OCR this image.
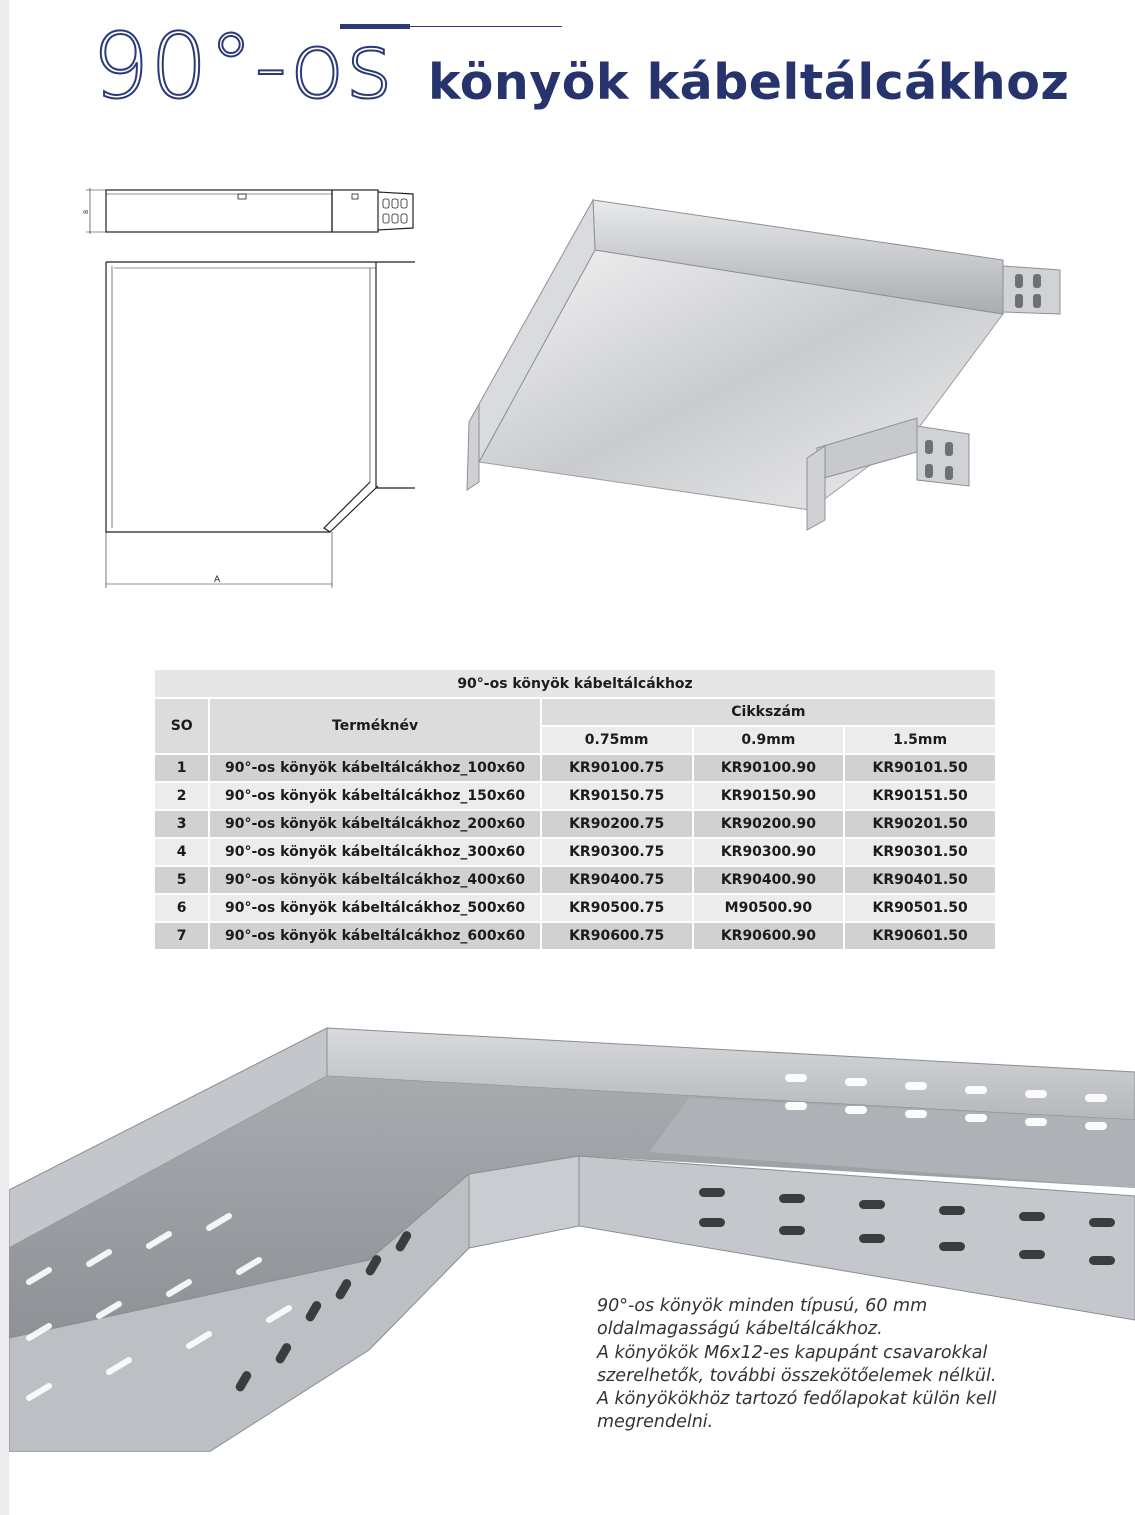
90°-os könyök kábeltálcákhoz
A
B
90°-os könyök kábeltálcákhoz				
SO	Terméknév	Cikkszám		
		0.75mm	0.9mm	1.5mm
1	90°-os könyök kábeltálcákhoz_100x60	KR90100.75	KR90100.90	KR90101.50
2	90°-os könyök kábeltálcákhoz_150x60	KR90150.75	KR90150.90	KR90151.50
3	90°-os könyök kábeltálcákhoz_200x60	KR90200.75	KR90200.90	KR90201.50
4	90°-os könyök kábeltálcákhoz_300x60	KR90300.75	KR90300.90	KR90301.50
5	90°-os könyök kábeltálcákhoz_400x60	KR90400.75	KR90400.90	KR90401.50
6	90°-os könyök kábeltálcákhoz_500x60	KR90500.75	M90500.90	KR90501.50
7	90°-os könyök kábeltálcákhoz_600x60	KR90600.75	KR90600.90	KR90601.50
90°-os könyök minden típusú, 60 mm
oldalmagasságú kábeltálcákhoz.
A könyökök M6x12-es kapupánt csavarokkal
szerelhetők, további összekötőelemek nélkül.
A könyökökhöz tartozó fedőlapokat külön kell
megrendelni.
